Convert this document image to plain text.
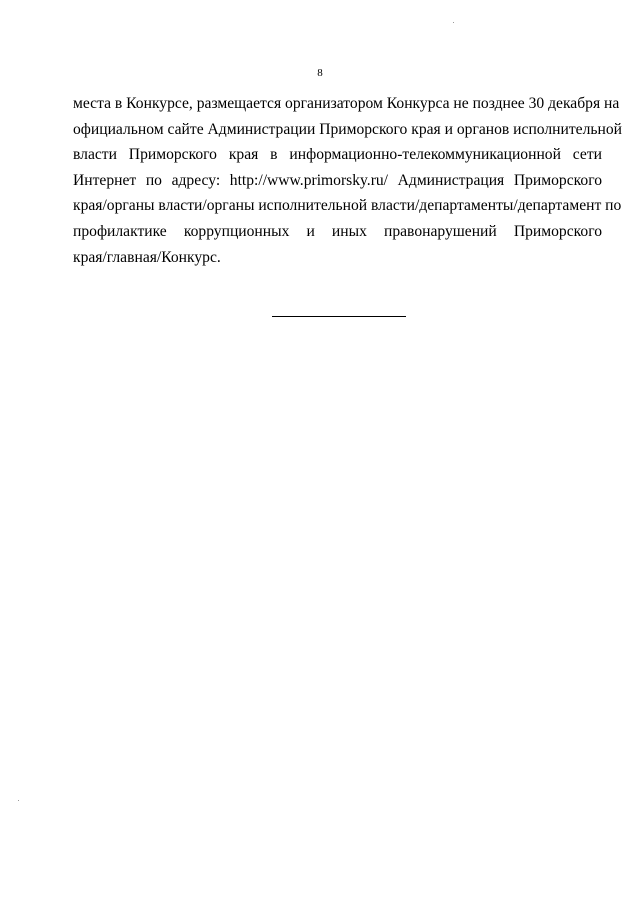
8

места в Конкурсе, размещается организатором Конкурса не позднее 30 декабря на
официальном сайте Администрации Приморского края и органов исполнительной
власти Приморского края в информационно-телекоммуникационной сети
Интернет по адресу: http://www.primorsky.ru/ Администрация Приморского
края/органы власти/органы исполнительной власти/департаменты/департамент по
профилактике коррупционных и иных правонарушений Приморского
края/главная/Конкурс.
